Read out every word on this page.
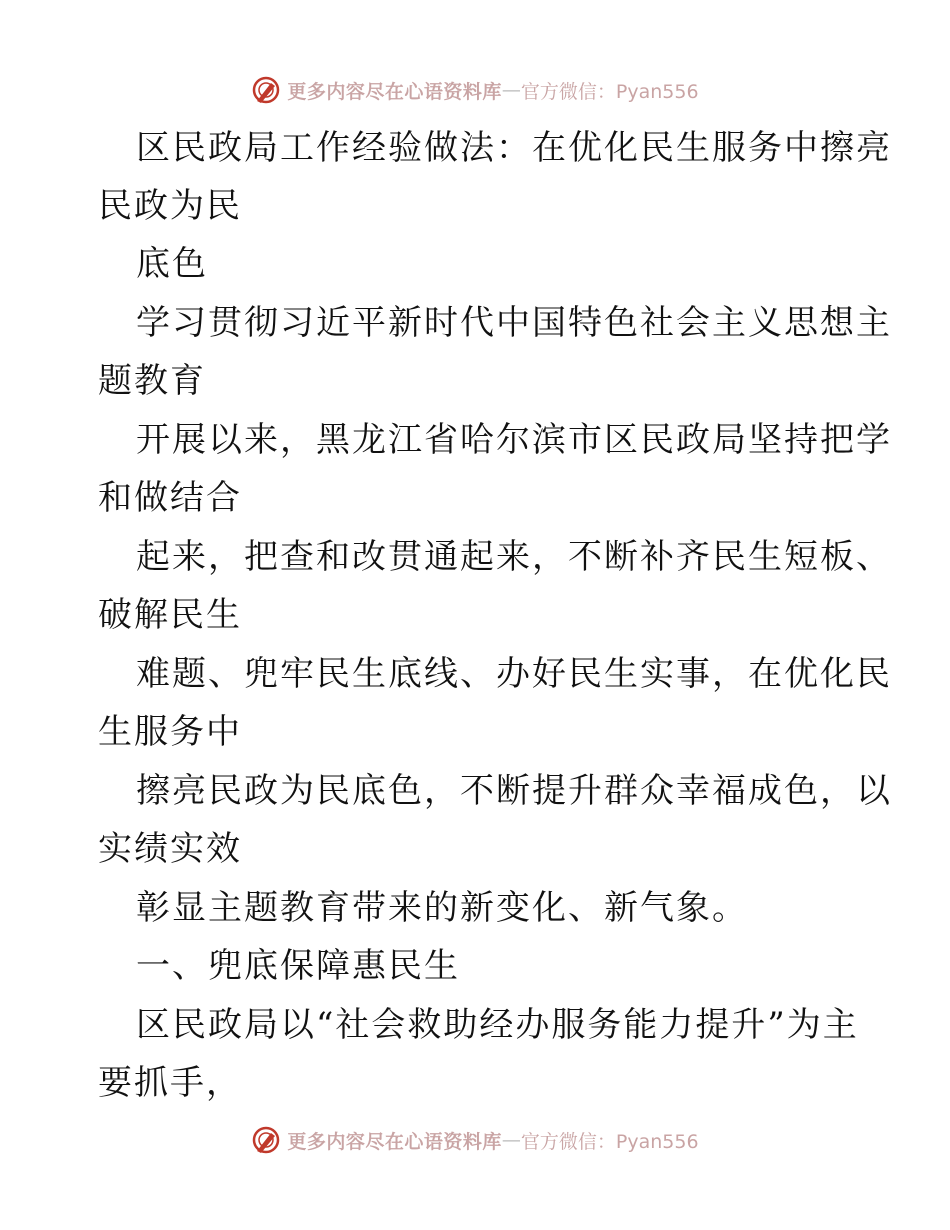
更多内容尽在心语资料库 — 官方微信：Pyan556
区民政局工作经验做法：在优化民生服务中擦亮
民政为民
底色
学习贯彻习近平新时代中国特色社会主义思想主
题教育
开展以来，黑龙江省哈尔滨市区民政局坚持把学
和做结合
起来，把查和改贯通起来，不断补齐民生短板、
破解民生
难题、兜牢民生底线、办好民生实事，在优化民
生服务中
擦亮民政为民底色，不断提升群众幸福成色，以
实绩实效
彰显主题教育带来的新变化、新气象。
一、兜底保障惠民生
区民政局以“社会救助经办服务能力提升”为主
要抓手，
更多内容尽在心语资料库 — 官方微信：Pyan556
